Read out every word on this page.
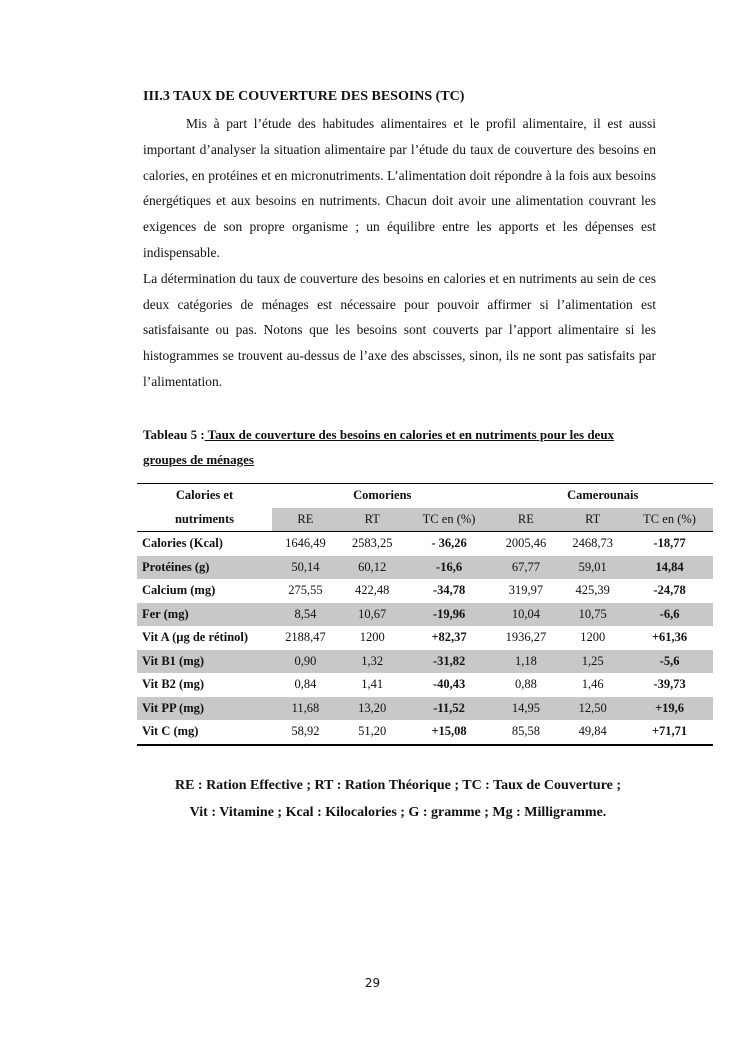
III.3 TAUX DE COUVERTURE DES BESOINS (TC)

Mis à part l’étude des habitudes alimentaires et le profil alimentaire, il est aussi important d’analyser la situation alimentaire par l’étude du taux de couverture des besoins en calories, en protéines et en micronutriments. L’alimentation doit répondre à la fois aux besoins énergétiques et aux besoins en nutriments. Chacun doit avoir une alimentation couvrant les exigences de son propre organisme ; un équilibre entre les apports et les dépenses est indispensable.

La détermination du taux de couverture des besoins en calories et en nutriments au sein de ces deux catégories de ménages est nécessaire pour pouvoir affirmer si l’alimentation est satisfaisante ou pas. Notons que les besoins sont couverts par l’apport alimentaire si les histogrammes se trouvent au-dessus de l’axe des abscisses, sinon, ils ne sont pas satisfaits par l’alimentation.

Tableau 5 : Taux de couverture des besoins en calories et en nutriments pour les deux groupes de ménages
Calories et	Comoriens			Camerounais		
nutriments	RE	RT	TC en (%)	RE	RT	TC en (%)
Calories (Kcal)	1646,49	2583,25	- 36,26	2005,46	2468,73	-18,77
Protéines (g)	50,14	60,12	-16,6	67,77	59,01	14,84
Calcium (mg)	275,55	422,48	-34,78	319,97	425,39	-24,78
Fer (mg)	8,54	10,67	-19,96	10,04	10,75	-6,6
Vit A (µg de rétinol)	2188,47	1200	+82,37	1936,27	1200	+61,36
Vit B1 (mg)	0,90	1,32	-31,82	1,18	1,25	-5,6
Vit B2 (mg)	0,84	1,41	-40,43	0,88	1,46	-39,73
Vit PP (mg)	11,68	13,20	-11,52	14,95	12,50	+19,6
Vit C (mg)	58,92	51,20	+15,08	85,58	49,84	+71,71
RE : Ration Effective ; RT : Ration Théorique ; TC : Taux de Couverture ;
Vit : Vitamine ; Kcal : Kilocalories ; G : gramme ; Mg : Milligramme.
29
